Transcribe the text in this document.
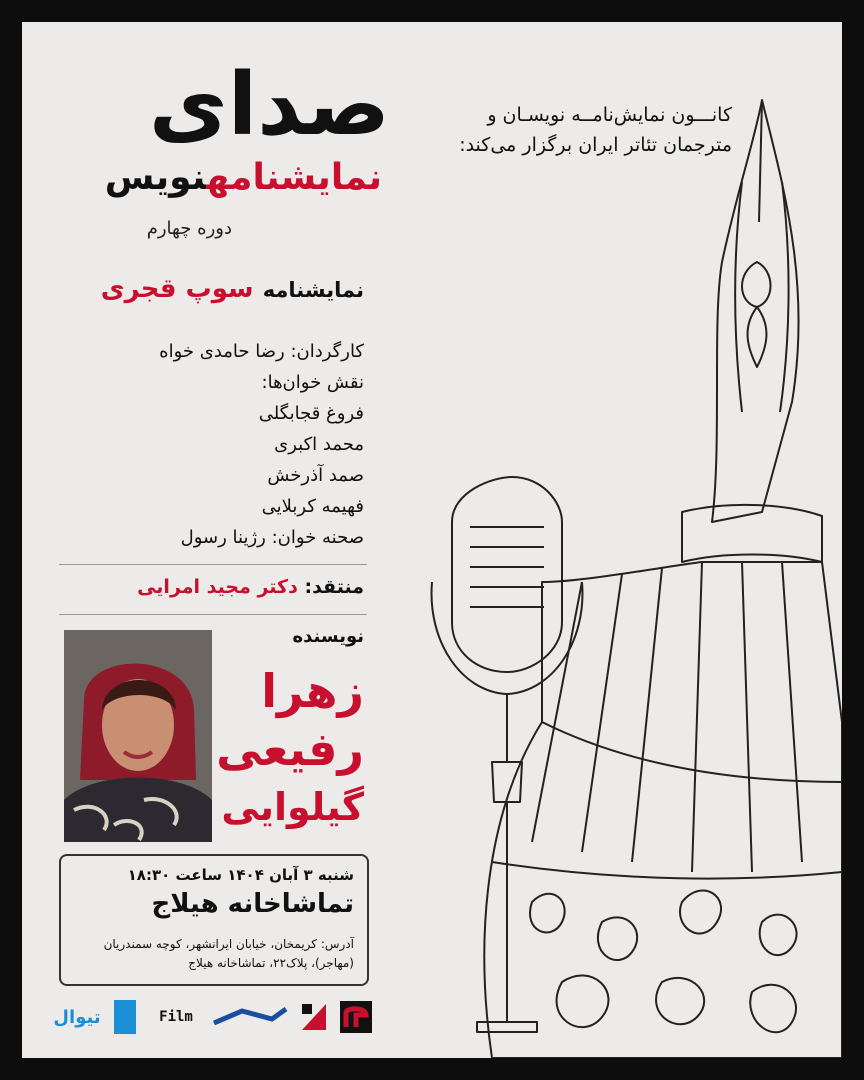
صدای
نمایشنامهنویس
دوره چهارم
کانـــون نمایش‌نامــه نویسـان و
مترجمان تئاتر ایران برگزار می‌کند:
نمایشنامه سوپ قجری
کارگردان: رضا حامدی خواه
نقش خوان‌ها:
فروغ قجابگلی
محمد اکبری
صمد آذرخش
فهیمه کربلایی
صحنه خوان: رژینا رسول
منتقد: دکتر مجید امرایی
نویسنده
زهرا
رفیعی
گیلوایی
شنبه ۳ آبان ۱۴۰۴ ساعت ۱۸:۳۰
تماشاخانه هیلاج
آدرس: کریمخان، خیابان ایرانشهر، کوچه سمندریان (مهاجر)، پلاک۲۲، تماشاخانه هیلاج
تیوال	Film
